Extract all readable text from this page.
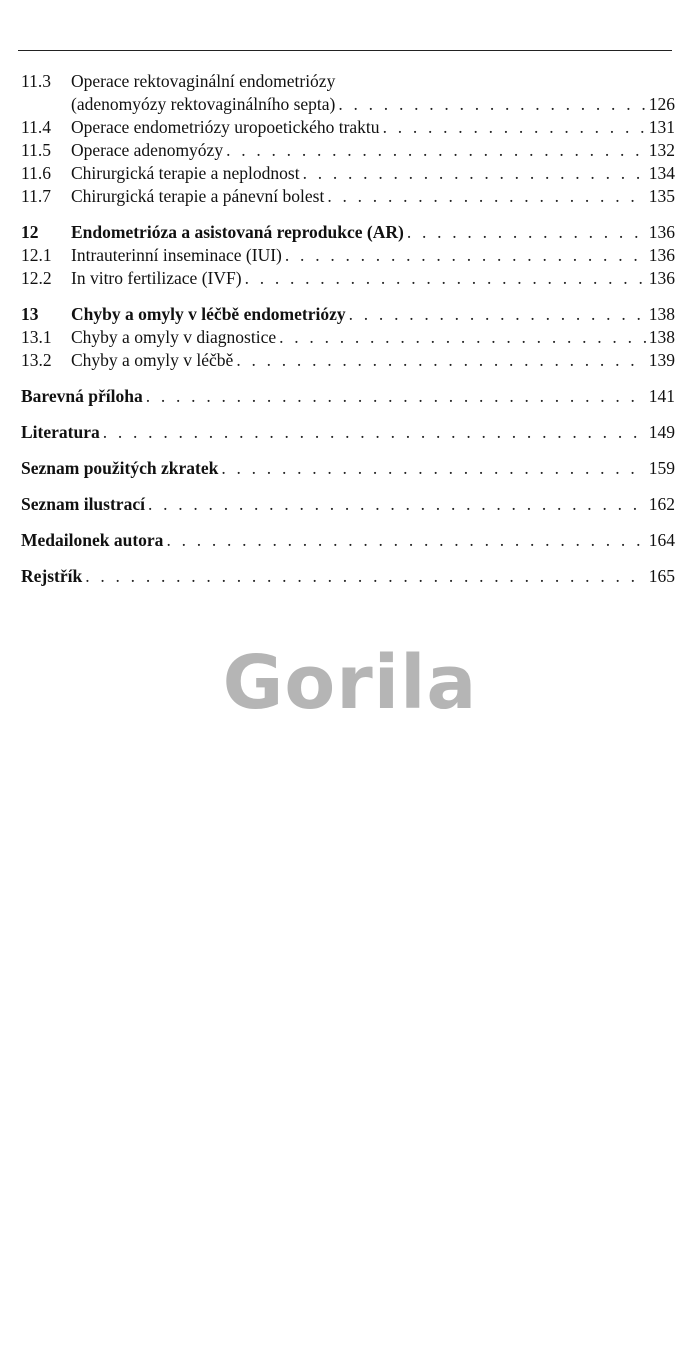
11.3	Operace rektovaginální endometriózy
(adenomyózy rektovaginálního septa) . . .	126
11.4	Operace endometriózy uropoetického traktu . . .	131
11.5	Operace adenomyózy . . .	132
11.6	Chirurgická terapie a neplodnost . . .	134
11.7	Chirurgická terapie a pánevní bolest . . .	135
12	Endometrióza a asistovaná reprodukce (AR) . . .	136
12.1	Intrauterinní inseminace (IUI) . . .	136
12.2	In vitro fertilizace (IVF) . . .	136
13	Chyby a omyly v léčbě endometriózy . . .	138
13.1	Chyby a omyly v diagnostice . . .	138
13.2	Chyby a omyly v léčbě . . .	139
Barevná příloha . . .	141
Literatura . . .	149
Seznam použitých zkratek . . .	159
Seznam ilustrací . . .	162
Medailonek autora . . .	164
Rejstřík . . .	165
Gorila
